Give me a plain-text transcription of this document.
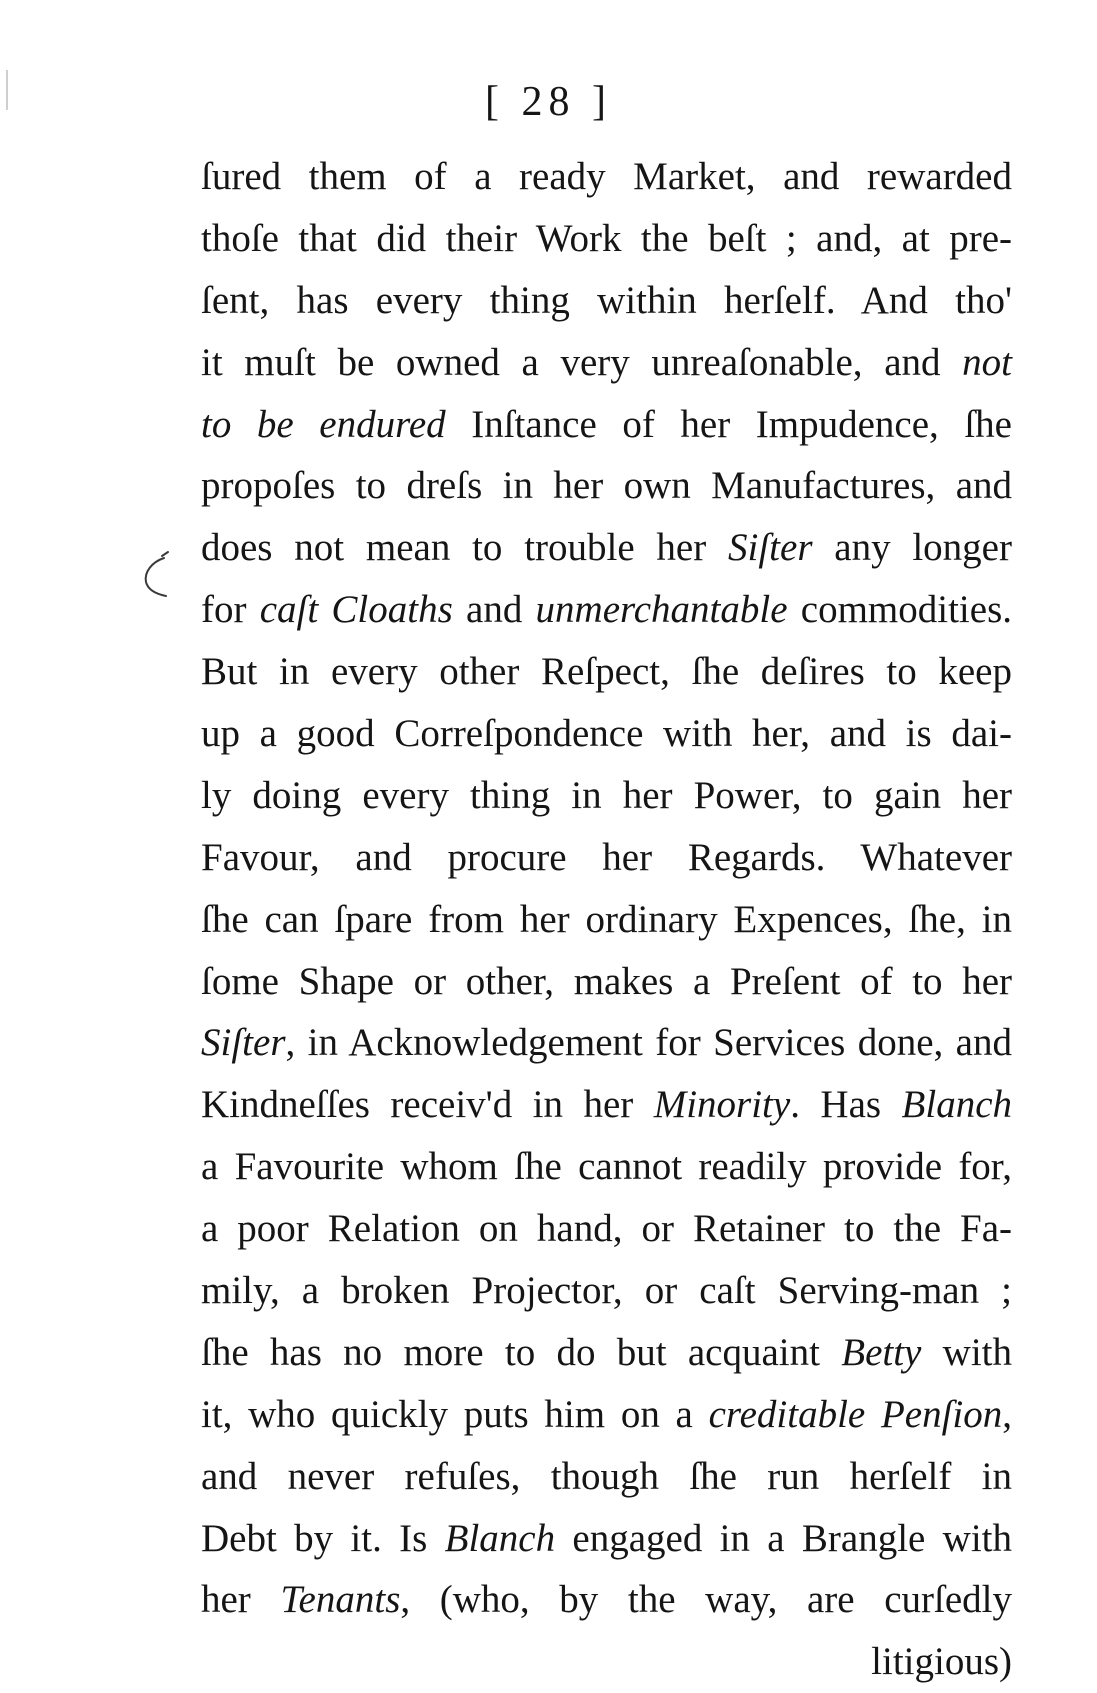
[ 28 ]
ſured them of a ready Market, and rewarded
thoſe that did their Work the beſt ; and, at pre-
ſent, has every thing within herſelf. And tho'
it muſt be owned a very unreaſonable, and not
to be endured Inſtance of her Impudence, ſhe
propoſes to dreſs in her own Manufactures, and
does not mean to trouble her Siſter any longer
for caſt Cloaths and unmerchantable commodities.
But in every other Reſpect, ſhe deſires to keep
up a good Correſpondence with her, and is dai-
ly doing every thing in her Power, to gain her
Favour, and procure her Regards. Whatever
ſhe can ſpare from her ordinary Expences, ſhe, in
ſome Shape or other, makes a Preſent of to her
Siſter, in Acknowledgement for Services done, and
Kindneſſes receiv'd in her Minority. Has Blanch
a Favourite whom ſhe cannot readily provide for,
a poor Relation on hand, or Retainer to the Fa-
mily, a broken Projector, or caſt Serving-man ;
ſhe has no more to do but acquaint Betty with
it, who quickly puts him on a creditable Penſion,
and never refuſes, though ſhe run herſelf in
Debt by it. Is Blanch engaged in a Brangle with
her Tenants, (who, by the way, are curſedly
litigious)
